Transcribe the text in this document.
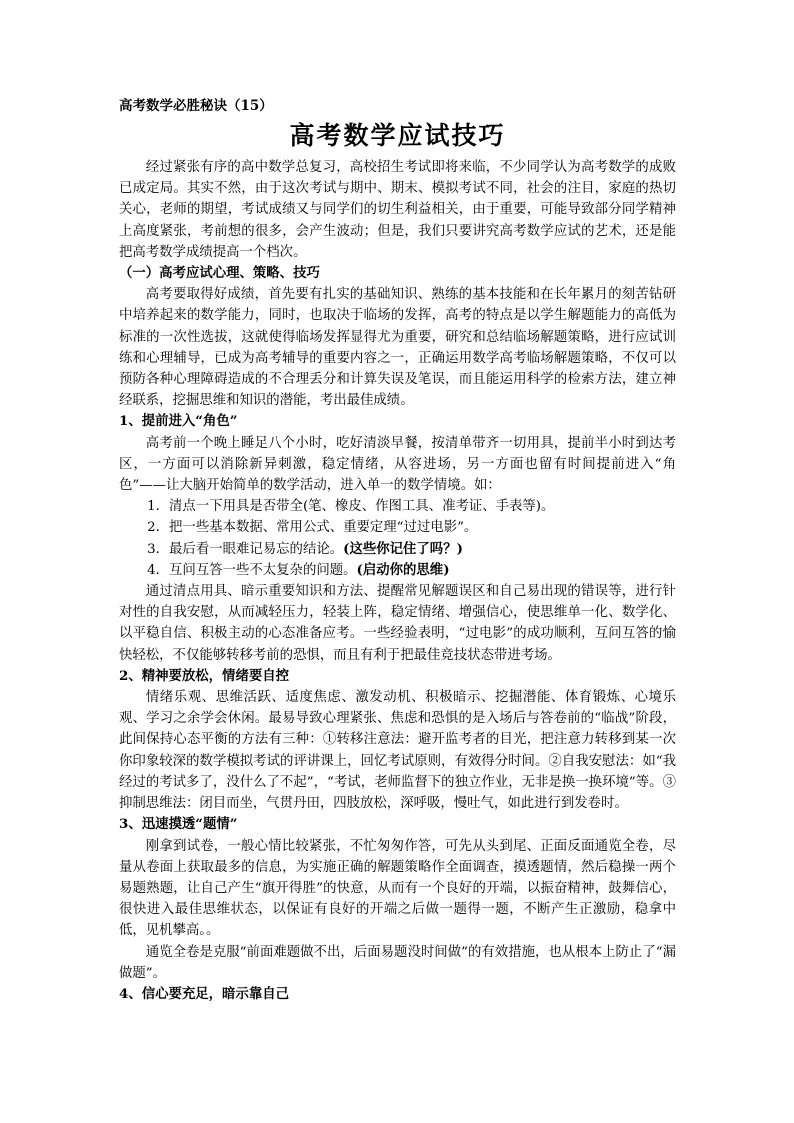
高考数学必胜秘诀（15）
高考数学应试技巧

经过紧张有序的高中数学总复习，高校招生考试即将来临，不少同学认为高考数学的成败已成定局。其实不然，由于这次考试与期中、期末、模拟考试不同，社会的注目，家庭的热切关心，老师的期望，考试成绩又与同学们的切生利益相关，由于重要，可能导致部分同学精神上高度紧张，考前想的很多，会产生波动；但是，我们只要讲究高考数学应试的艺术，还是能把高考数学成绩提高一个档次。

（一）高考应试心理、策略、技巧

高考要取得好成绩，首先要有扎实的基础知识、熟练的基本技能和在长年累月的刻苦钻研中培养起来的数学能力，同时，也取决于临场的发挥，高考的特点是以学生解题能力的高低为标准的一次性选拔，这就使得临场发挥显得尤为重要，研究和总结临场解题策略，进行应试训练和心理辅导，已成为高考辅导的重要内容之一，正确运用数学高考临场解题策略，不仅可以预防各种心理障碍造成的不合理丢分和计算失误及笔误，而且能运用科学的检索方法，建立神经联系，挖掘思维和知识的潜能，考出最佳成绩。

1、提前进入“角色”

高考前一个晚上睡足八个小时，吃好清淡早餐，按清单带齐一切用具，提前半小时到达考区，一方面可以消除新异刺激，稳定情绪，从容进场，另一方面也留有时间提前进入“角色”——让大脑开始简单的数学活动，进入单一的数学情境。如：

1．清点一下用具是否带全(笔、橡皮、作图工具、准考证、手表等)。
2．把一些基本数据、常用公式、重要定理“过过电影”。
3．最后看一眼难记易忘的结论。(这些你记住了吗？)
4．互问互答一些不太复杂的问题。(启动你的思维)

通过清点用具、暗示重要知识和方法、提醒常见解题误区和自己易出现的错误等，进行针对性的自我安慰，从而减轻压力，轻装上阵，稳定情绪、增强信心，使思维单一化、数学化、以平稳自信、积极主动的心态准备应考。一些经验表明，“过电影”的成功顺利，互问互答的愉快轻松，不仅能够转移考前的恐惧，而且有利于把最佳竞技状态带进考场。

2、精神要放松，情绪要自控

情绪乐观、思维活跃、适度焦虑、激发动机、积极暗示、挖掘潜能、体育锻炼、心境乐观、学习之余学会休闲。最易导致心理紧张、焦虑和恐惧的是入场后与答卷前的“临战”阶段，此间保持心态平衡的方法有三种：①转移注意法：避开监考者的目光，把注意力转移到某一次你印象较深的数学模拟考试的评讲课上，回忆考试原则，有效得分时间。②自我安慰法：如“我经过的考试多了，没什么了不起”，“考试，老师监督下的独立作业，无非是换一换环境”等。③抑制思维法：闭目而坐，气贯丹田，四肢放松，深呼吸，慢吐气，如此进行到发卷时。

3、迅速摸透“题情”

刚拿到试卷，一般心情比较紧张，不忙匆匆作答，可先从头到尾、正面反面通览全卷，尽量从卷面上获取最多的信息，为实施正确的解题策略作全面调查，摸透题情，然后稳操一两个易题熟题，让自己产生“旗开得胜”的快意，从而有一个良好的开端，以振奋精神，鼓舞信心，很快进入最佳思维状态，以保证有良好的开端之后做一题得一题，不断产生正激励，稳拿中低，见机攀高。。

通览全卷是克服“前面难题做不出，后面易题没时间做”的有效措施，也从根本上防止了“漏做题”。

4、信心要充足，暗示靠自己
